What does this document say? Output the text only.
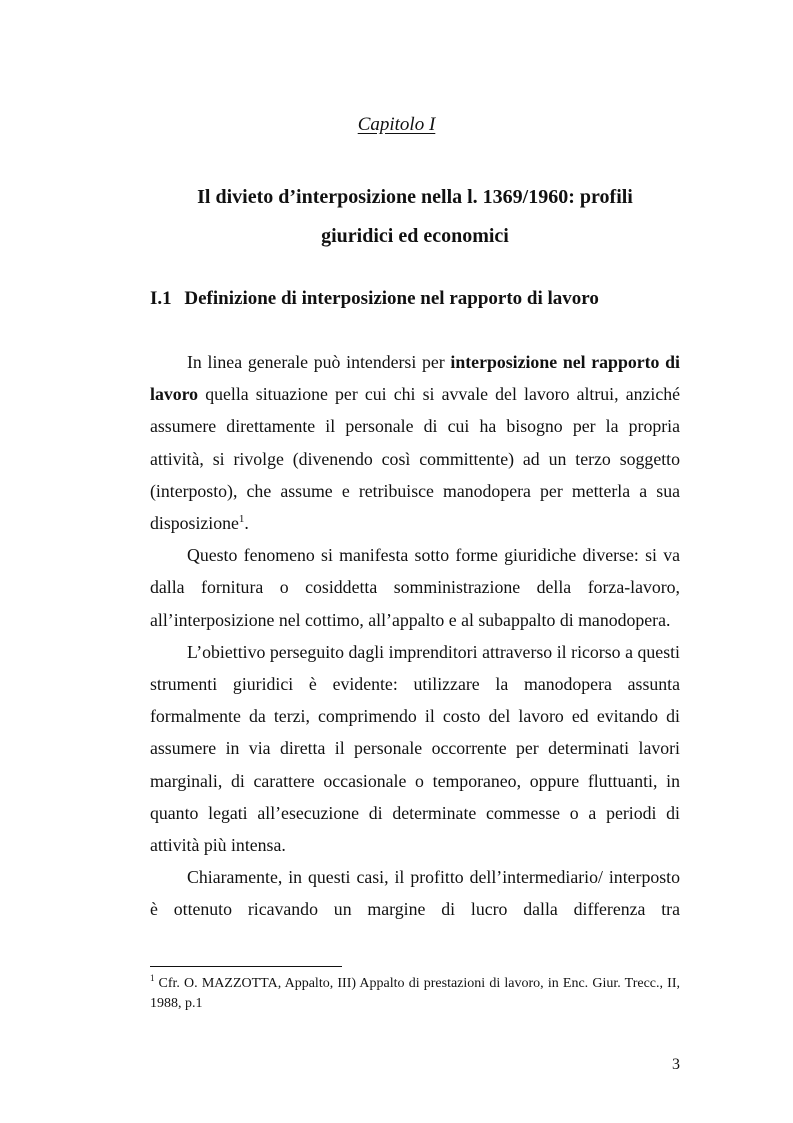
Capitolo I
Il divieto d’interposizione nella l. 1369/1960: profili
giuridici ed economici
I.1 Definizione di interposizione nel rapporto di lavoro

In linea generale può intendersi per interposizione nel rapporto di lavoro quella situazione per cui chi si avvale del lavoro altrui, anziché assumere direttamente il personale di cui ha bisogno per la propria attività, si rivolge (divenendo così committente) ad un terzo soggetto (interposto), che assume e retribuisce manodopera per metterla a sua disposizione$^1$.

Questo fenomeno si manifesta sotto forme giuridiche diverse: si va dalla fornitura o cosiddetta somministrazione della forza-lavoro, all’interposizione nel cottimo, all’appalto e al subappalto di manodopera.

L’obiettivo perseguito dagli imprenditori attraverso il ricorso a questi strumenti giuridici è evidente: utilizzare la manodopera assunta formalmente da terzi, comprimendo il costo del lavoro ed evitando di assumere in via diretta il personale occorrente per determinati lavori marginali, di carattere occasionale o temporaneo, oppure fluttuanti, in quanto legati all’esecuzione di determinate commesse o a periodi di attività più intensa.

Chiaramente, in questi casi, il profitto dell’intermediario/ interposto è ottenuto ricavando un margine di lucro dalla differenza tra

$^1$ Cfr. O. MAZZOTTA, Appalto, III) Appalto di prestazioni di lavoro, in Enc. Giur. Trecc., II, 1988, p.1
3
